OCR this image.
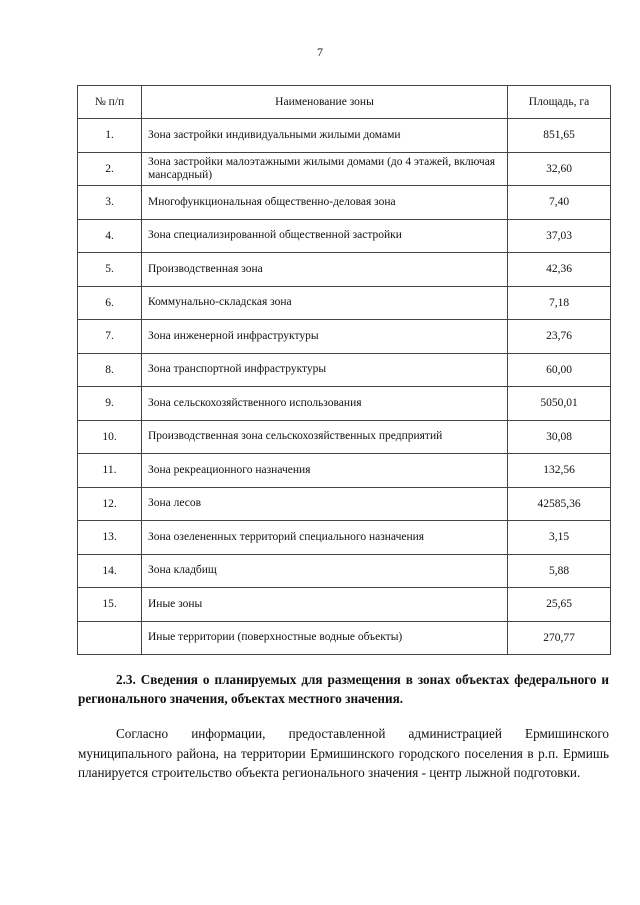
7
№ п/п	Наименование зоны	Площадь, га
1.	Зона застройки индивидуальными жилыми домами	851,65
2.	Зона застройки малоэтажными жилыми домами (до 4 этажей, включая мансардный)	32,60
3.	Многофункциональная общественно-деловая зона	7,40
4.	Зона специализированной общественной застройки	37,03
5.	Производственная зона	42,36
6.	Коммунально-складская зона	7,18
7.	Зона инженерной инфраструктуры	23,76
8.	Зона транспортной инфраструктуры	60,00
9.	Зона сельскохозяйственного использования	5050,01
10.	Производственная зона сельскохозяйственных предприятий	30,08
11.	Зона рекреационного назначения	132,56
12.	Зона лесов	42585,36
13.	Зона озелененных территорий специального назначения	3,15
14.	Зона кладбищ	5,88
15.	Иные зоны	25,65
	Иные территории (поверхностные водные объекты)	270,77
2.3. Сведения о планируемых для размещения в зонах объектах федерального и регионального значения, объектах местного значения.
Согласно информации, предоставленной администрацией Ермишинского муниципального района, на территории Ермишинского городского поселения в р.п. Ермишь планируется строительство объекта регионального значения - центр лыжной подготовки.
